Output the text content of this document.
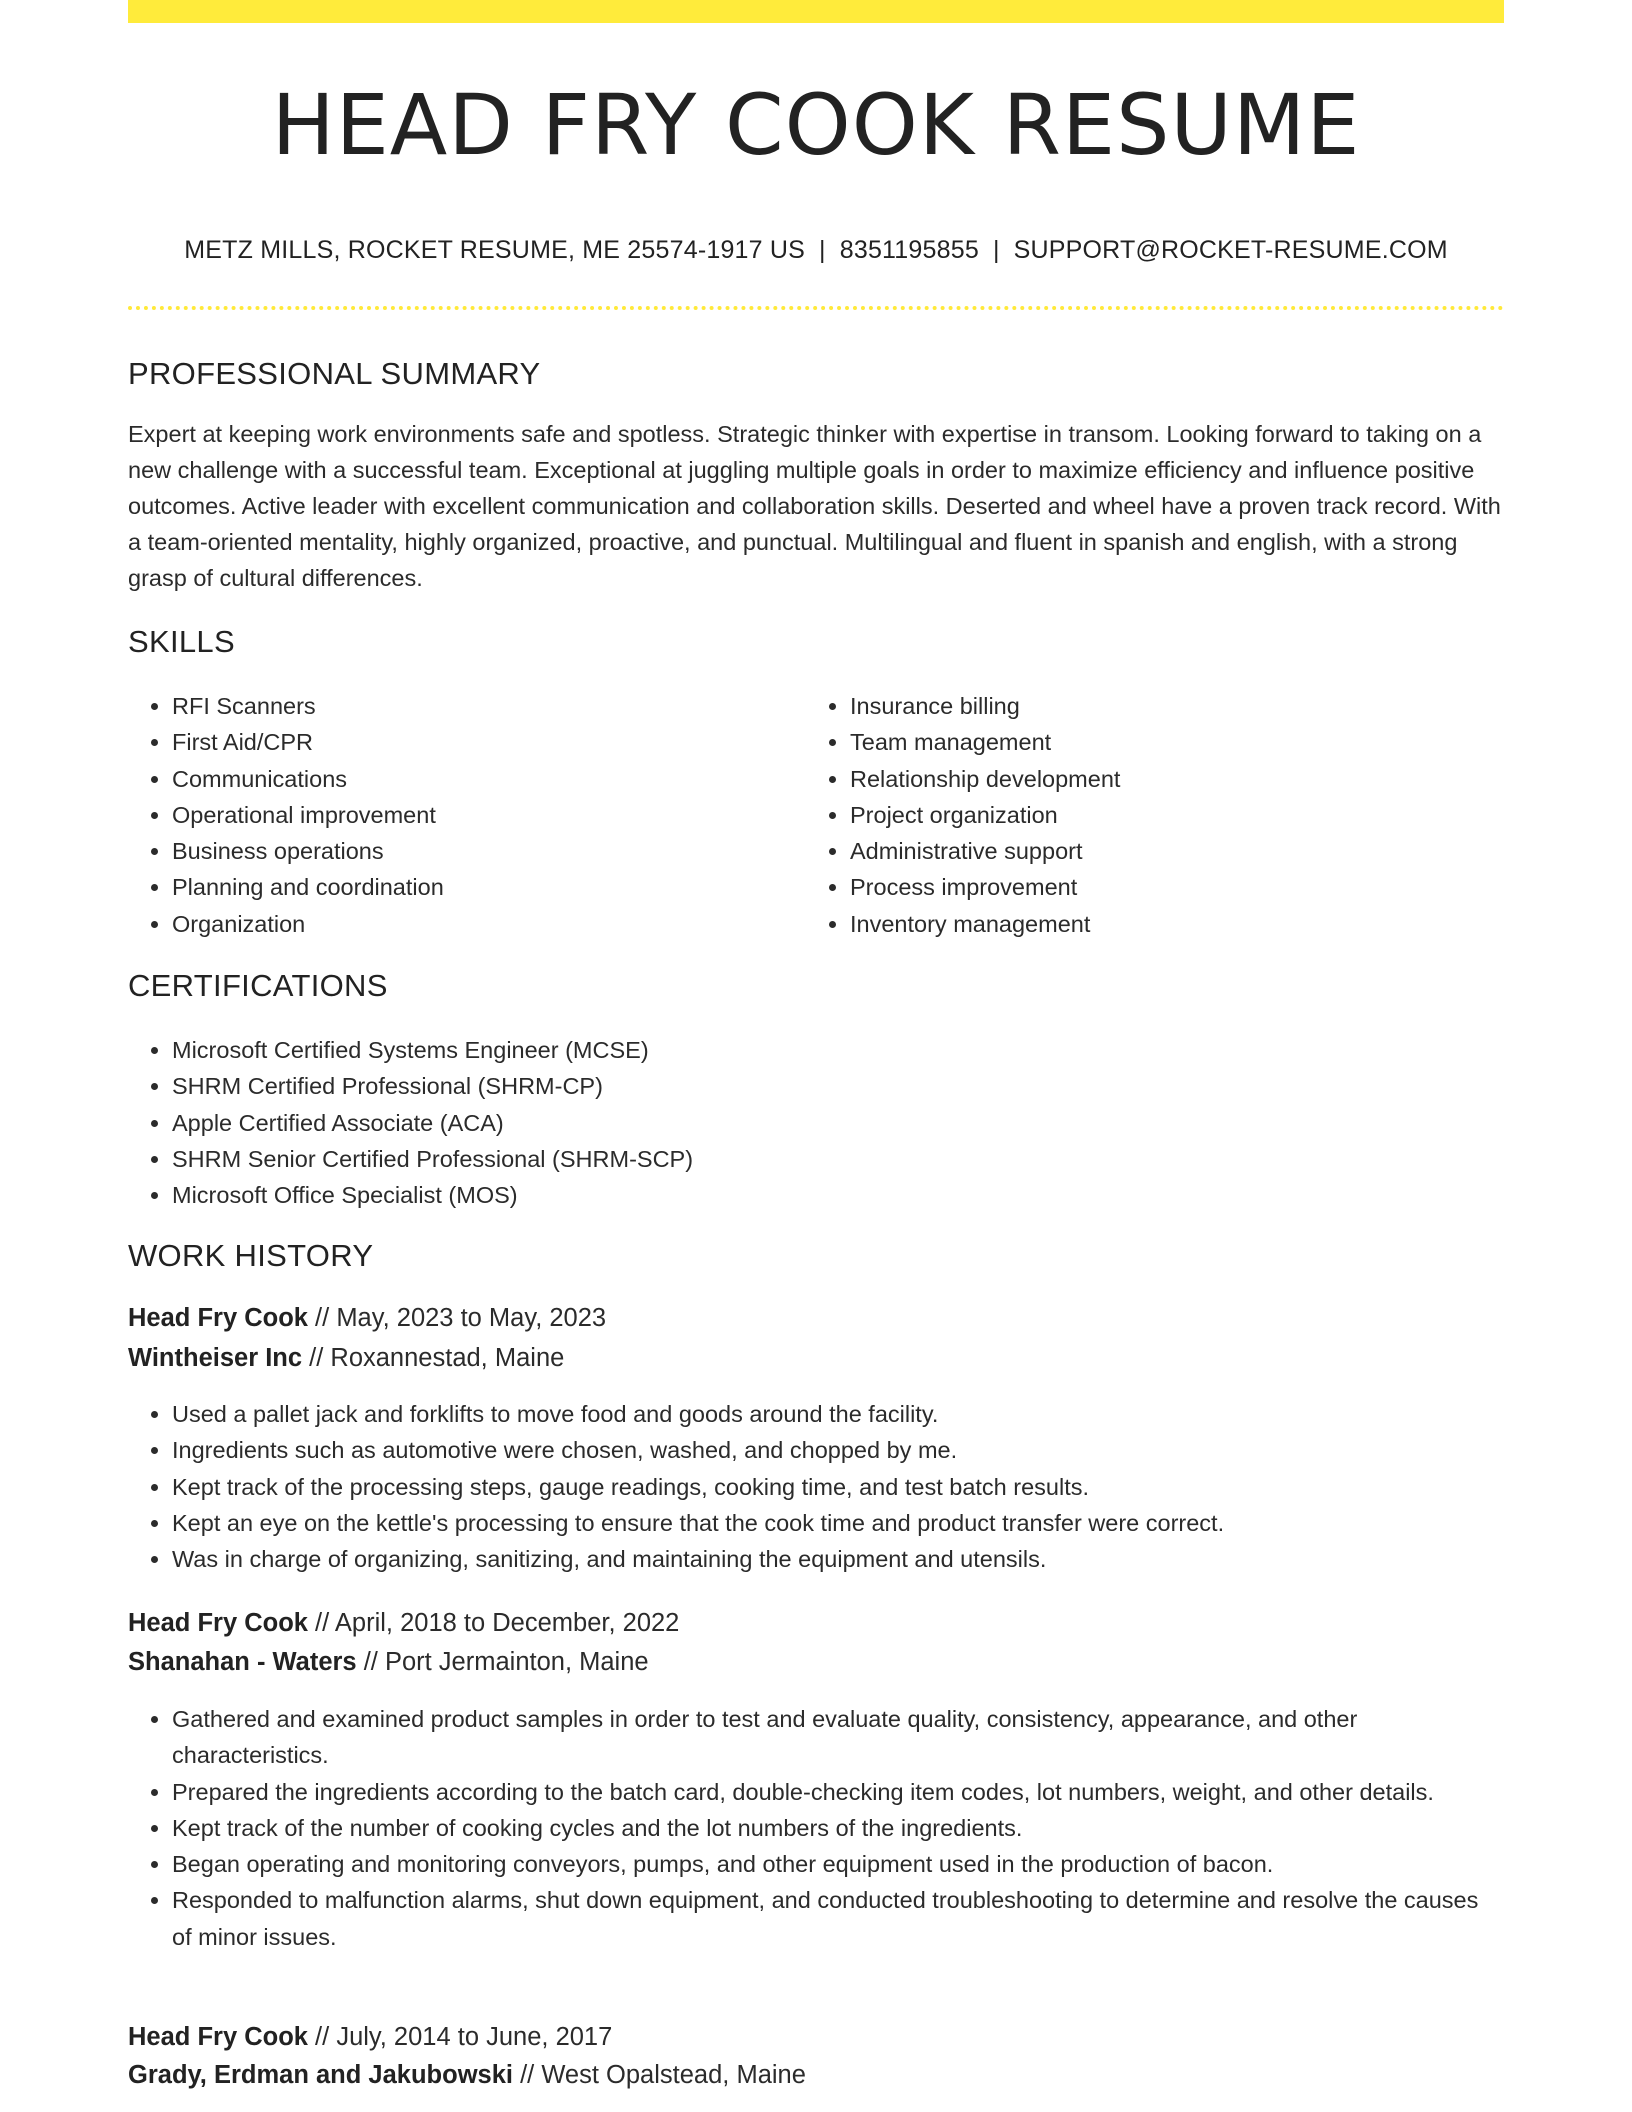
HEAD FRY COOK RESUME
METZ MILLS, ROCKET RESUME, ME 25574-1917 US | 8351195855 | SUPPORT@ROCKET-RESUME.COM
PROFESSIONAL SUMMARY

Expert at keeping work environments safe and spotless. Strategic thinker with expertise in transom. Looking forward to taking on a new challenge with a successful team. Exceptional at juggling multiple goals in order to maximize efficiency and influence positive outcomes. Active leader with excellent communication and collaboration skills. Deserted and wheel have a proven track record. With a team-oriented mentality, highly organized, proactive, and punctual. Multilingual and fluent in spanish and english, with a strong grasp of cultural differences.

SKILLS
• RFI Scanners
• First Aid/CPR
• Communications
• Operational improvement
• Business operations
• Planning and coordination
• Organization
• Insurance billing
• Team management
• Relationship development
• Project organization
• Administrative support
• Process improvement
• Inventory management
CERTIFICATIONS
• Microsoft Certified Systems Engineer (MCSE)
• SHRM Certified Professional (SHRM-CP)
• Apple Certified Associate (ACA)
• SHRM Senior Certified Professional (SHRM-SCP)
• Microsoft Office Specialist (MOS)
WORK HISTORY
Head Fry Cook // May, 2023 to May, 2023
Wintheiser Inc // Roxannestad, Maine
• Used a pallet jack and forklifts to move food and goods around the facility.
• Ingredients such as automotive were chosen, washed, and chopped by me.
• Kept track of the processing steps, gauge readings, cooking time, and test batch results.
• Kept an eye on the kettle's processing to ensure that the cook time and product transfer were correct.
• Was in charge of organizing, sanitizing, and maintaining the equipment and utensils.
Head Fry Cook // April, 2018 to December, 2022
Shanahan - Waters // Port Jermainton, Maine
• Gathered and examined product samples in order to test and evaluate quality, consistency, appearance, and other characteristics.
• Prepared the ingredients according to the batch card, double-checking item codes, lot numbers, weight, and other details.
• Kept track of the number of cooking cycles and the lot numbers of the ingredients.
• Began operating and monitoring conveyors, pumps, and other equipment used in the production of bacon.
• Responded to malfunction alarms, shut down equipment, and conducted troubleshooting to determine and resolve the causes of minor issues.
Head Fry Cook // July, 2014 to June, 2017
Grady, Erdman and Jakubowski // West Opalstead, Maine
